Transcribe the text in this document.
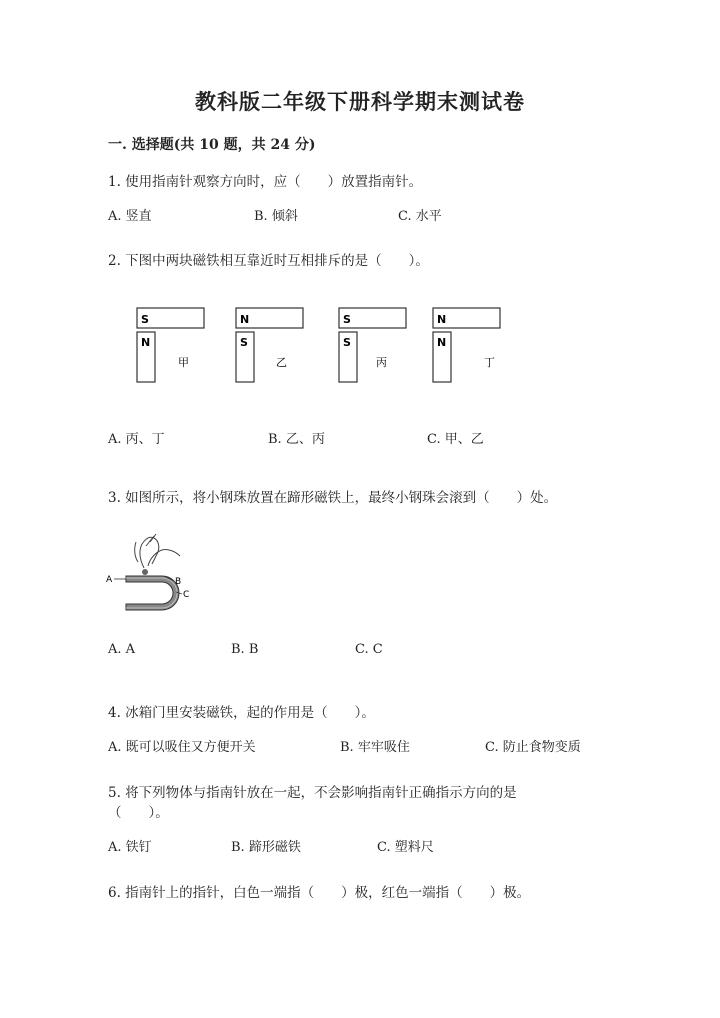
教科版二年级下册科学期末测试卷
一. 选择题(共 10 题，共 24 分)
1. 使用指南针观察方向时，应（　　）放置指南针。
A. 竖直	B. 倾斜	C. 水平
2. 下图中两块磁铁相互靠近时互相排斥的是（　　）。
S
N
甲
N
S
乙
S
S
丙
N
N
丁
A. 丙、丁	B. 乙、丙	C. 甲、乙
3. 如图所示，将小钢珠放置在蹄形磁铁上，最终小钢珠会滚到（　　）处。
A	B
C
A. A	B. B	C. C
4. 冰箱门里安装磁铁，起的作用是（　　）。
A. 既可以吸住又方便开关	B. 牢牢吸住	C. 防止食物变质
5. 将下列物体与指南针放在一起，不会影响指南针正确指示方向的是
（　　）。
A. 铁钉	B. 蹄形磁铁	C. 塑料尺
6. 指南针上的指针，白色一端指（　　）极，红色一端指（　　）极。
